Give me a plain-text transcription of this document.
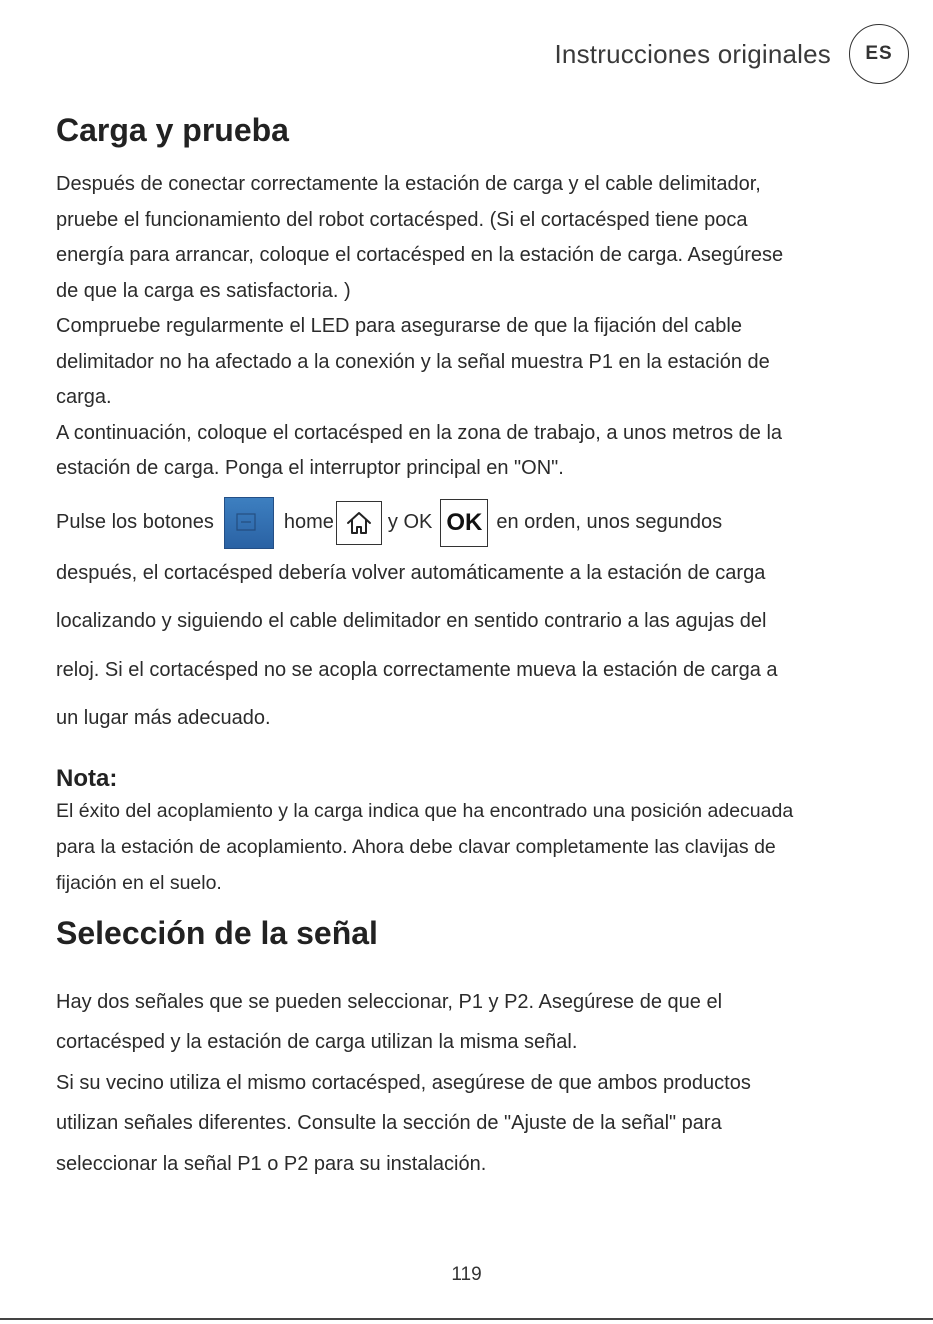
Instrucciones originales	ES
Carga y prueba

Después de conectar correctamente la estación de carga y el cable delimitador,

pruebe el funcionamiento del robot cortacésped. (Si el cortacésped tiene poca

energía para arrancar, coloque el cortacésped en la estación de carga. Asegúrese

de que la carga es satisfactoria. )

Compruebe regularmente el LED para asegurarse de que la fijación del cable

delimitador no ha afectado a la conexión y la señal muestra P1 en la estación de

carga.

A continuación, coloque el cortacésped en la zona de trabajo, a unos metros de la

estación de carga. Ponga el interruptor principal en "ON".

Pulse los botones	home	y OK OK en orden, unos segundos

después, el cortacésped debería volver automáticamente a la estación de carga

localizando y siguiendo el cable delimitador en sentido contrario a las agujas del

reloj. Si el cortacésped no se acopla correctamente mueva la estación de carga a

un lugar más adecuado.

Nota:

El éxito del acoplamiento y la carga indica que ha encontrado una posición adecuada

para la estación de acoplamiento. Ahora debe clavar completamente las clavijas de

fijación en el suelo.

Selección de la señal

Hay dos señales que se pueden seleccionar, P1 y P2. Asegúrese de que el

cortacésped y la estación de carga utilizan la misma señal.

Si su vecino utiliza el mismo cortacésped, asegúrese de que ambos productos

utilizan señales diferentes. Consulte la sección de "Ajuste de la señal" para

seleccionar la señal P1 o P2 para su instalación.

119
